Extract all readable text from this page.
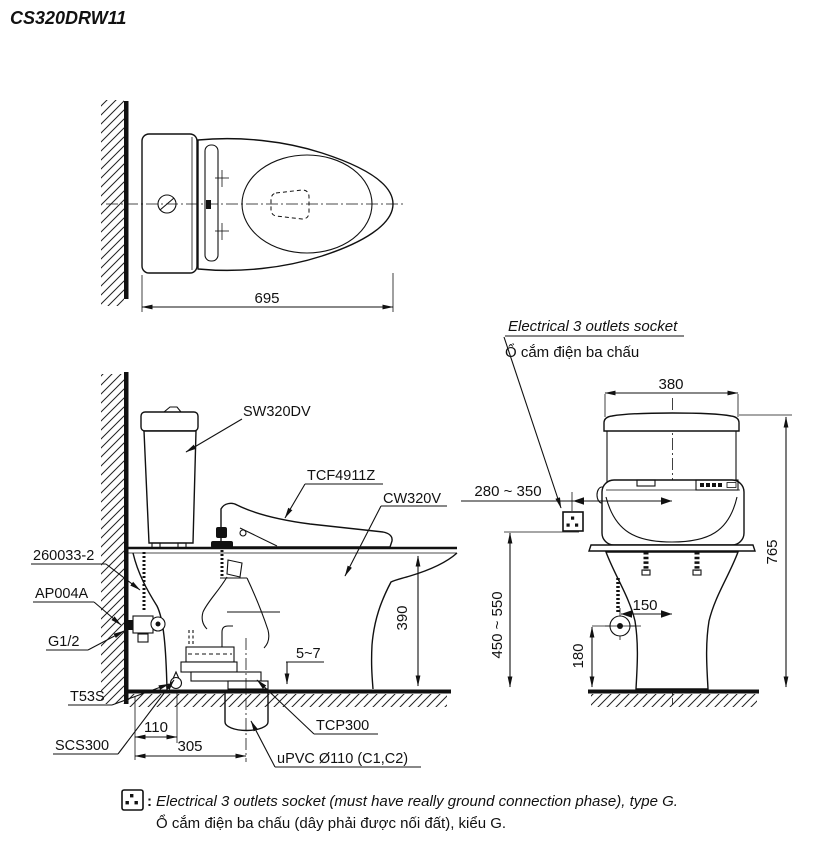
CS320DRW11
695
Electrical 3 outlets socket
Ổ cắm điện ba chấu
SW320DV
TCF4911Z
CW320V
260033-2
AP004A
G1/2
T53S
SCS300
TCP300
uPVC Ø110 (C1,C2)
390
5~7
110
305
380
765
280 ~ 350
450 ~ 550	150
180
: Electrical 3 outlets socket (must have really ground connection phase), type G.
Ổ cắm điện ba chấu (dây phải được nối đất), kiểu G.
